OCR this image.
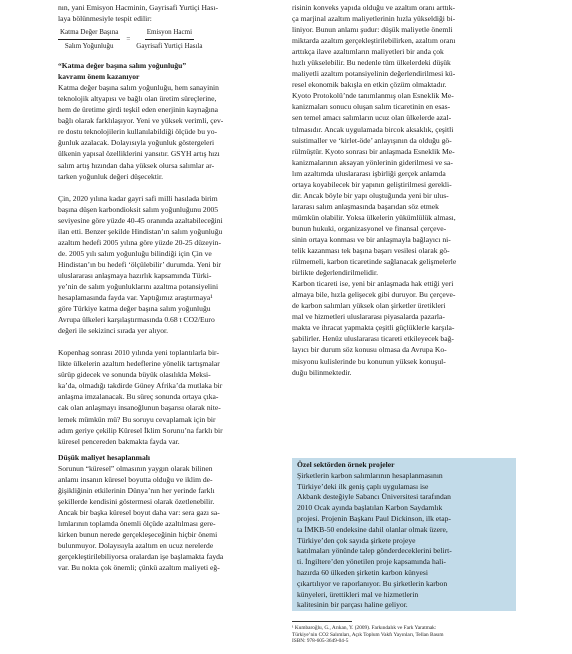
nın, yani Emisyon Hacminin, Gayrisafi Yurtiçi Hası-
laya bölünmesiyle tespit edilir:
$\frac{\text{Katma Değer Başına}}{\text{Salım Yoğunluğu}} = \frac{\text{Emisyon Hacmi}}{\text{Gayrisafi Yurtiçi Hasıla}}$
“Katma değer başına salım yoğunluğu”
kavramı önem kazanıyor
Katma değer başına salım yoğunluğu, hem sanayinin
teknolojik altyapısı ve bağlı olan üretim süreçlerine,
hem de üretime girdi teşkil eden enerjinin kaynağına
bağlı olarak farklılaşıyor. Yeni ve yüksek verimli, çev-
re dostu teknolojilerin kullanılabildiği ölçüde bu yo-
ğunluk azalacak. Dolayısıyla yoğunluk göstergeleri
ülkenin yapısal özelliklerini yansıtır. GSYH artış hızı
salım artış hızından daha yüksek olursa salımlar ar-
tarken yoğunluk değeri düşecektir.
Çin, 2020 yılına kadar gayri safi milli hasılada birim
başına düşen karbondioksit salım yoğunluğunu 2005
seviyesine göre yüzde 40-45 oranında azaltabileceğini
ilan etti. Benzer şekilde Hindistan’ın salım yoğunluğu
azaltım hedefi 2005 yılına göre yüzde 20-25 düzeyin-
de. 2005 yılı salım yoğunluğu bilindiği için Çin ve
Hindistan’ın bu hedefi ‘ölçülebilir’ durumda. Yeni bir
uluslararası anlaşmaya hazırlık kapsamında Türki-
ye’nin de salım yoğunluklarını azaltma potansiyelini
hesaplamasında fayda var. Yaptığımız araştırmaya¹
göre Türkiye katma değer başına salım yoğunluğu
Avrupa ülkeleri karşılaştırmasında 0.68 t CO2/Euro
değeri ile sekizinci sırada yer alıyor.
Kopenhag sonrası 2010 yılında yeni toplantılarla bir-
likte ülkelerin azaltım hedeflerine yönelik tartışmalar
sürüp gidecek ve sonunda büyük olasılıkla Meksi-
ka’da, olmadığı takdirde Güney Afrika’da mutlaka bir
anlaşma imzalanacak. Bu süreç sonunda ortaya çıka-
cak olan anlaşmayı insanoğlunun başarısı olarak nite-
lemek mümkün mü? Bu soruyu cevaplamak için bir
adım geriye çekilip Küresel İklim Sorunu’na farklı bir
küresel pencereden bakmakta fayda var.
Düşük maliyet hesaplanmalı
Sorunun “küresel” olmasının yaygın olarak bilinen
anlamı insanın küresel boyutta olduğu ve iklim de-
ğişikliğinin etkilerinin Dünya’nın her yerinde farklı
şekillerde kendisini göstermesi olarak özetlenebilir.
Ancak bir başka küresel boyut daha var: sera gazı sa-
lımlarının toplamda önemli ölçüde azaltılması gere-
kirken bunun nerede gerçekleşeceğinin hiçbir önemi
bulunmuyor. Dolayısıyla azaltım en ucuz nerelerde
gerçekleştirilebiliyorsa oralardan işe başlamakta fayda
var. Bu nokta çok önemli; çünkü azaltım maliyeti eğ-
risinin konveks yapıda olduğu ve azaltım oranı arttık-
ça marjinal azaltım maliyetlerinin hızla yükseldiği bi-
liniyor. Bunun anlamı şudur: düşük maliyetle önemli
miktarda azaltım gerçekleştirilebilirken, azaltım oranı
arttıkça ilave azaltımların maliyetleri bir anda çok
hızlı yükselebilir. Bu nedenle tüm ülkelerdeki düşük
maliyetli azaltım potansiyelinin değerlendirilmesi kü-
resel ekonomik bakışla en etkin çözüm olmaktadır.
Kyoto Protokolü’nde tanımlanmış olan Esneklik Me-
kanizmaları sonucu oluşan salım ticaretinin en esas-
sen temel amacı salımların ucuz olan ülkelerde azal-
tılmasıdır. Ancak uygulamada bircok aksaklık, çeşitli
suistimaller ve ‘kirlet-öde’ anlayışının da olduğu gö-
rülmüştür. Kyoto sonrası bir anlaşmada Esneklik Me-
kanizmalarının aksayan yönlerinin giderilmesi ve sa-
lım azaltımda uluslararası işbirliği gerçek anlamda
ortaya koyabilecek bir yapının geliştirilmesi gerekli-
dir. Ancak böyle bir yapı oluştuğunda yeni bir ulus-
lararası salım anlaşmasında başarıdan söz etmek
mümkün olabilir. Yoksa ülkelerin yükümlülük alması,
bunun hukuki, organizasyonel ve finansal çerçeve-
sinin ortaya konması ve bir anlaşmayla bağlayıcı ni-
telik kazanması tek başına başarı vesilesi olarak gö-
rülmemeli, karbon ticaretinde sağlanacak gelişmelerle
birlikte değerlendirilmelidir.
Karbon ticareti ise, yeni bir anlaşmada hak ettiği yeri
almaya bile, hızla gelişecek gibi duruyor. Bu çerçeve-
de karbon salımları yüksek olan şirketler üretikleri
mal ve hizmetleri uluslararası piyasalarda pazarla-
makta ve ihracat yapmakta çeşitli güçlüklerle karşıla-
şabilirler. Henüz uluslararası ticareti etkileyecek bağ-
layıcı bir durum söz konusu olmasa da Avrupa Ko-
misyonu kulislerinde bu konunun yüksek konuşul-
duğu bilinmektedir.
Özel sektörden örnek projeler
Şirketlerin karbon salımlarının hesaplanmasının
Türkiye’deki ilk geniş çaplı uygulaması ise
Akbank desteğiyle Sabancı Üniversitesi tarafından
2010 Ocak ayında başlatılan Karbon Saydamlık
projesi. Projenin Başkanı Paul Dickinson, ilk etap-
ta İMKB-50 endeksine dahil olanlar olmak üzere,
Türkiye’den çok sayıda şirkete projeye
katılmaları yönünde talep gönderdeceklerini belirt-
ti. İngiltere’den yönetilen proje kapsamında hali-
hazırda 60 ülkeden şirketin karbon künyesi
çıkartılıyor ve raporlanıyor. Bu şirketlerin karbon
künyeleri, ürettikleri mal ve hizmetlerin
kalitesinin bir parçası haline geliyor.
¹ Kumbaroğlu, G., Arıkan, Y. (2009). Farkındalık ve Fark Yaratmak:
Türkiye’nin CO2 Salımları, Açık Toplum Vakfı Yayınları, Tellan Basım
ISBN: 978-605-3649-04-5
